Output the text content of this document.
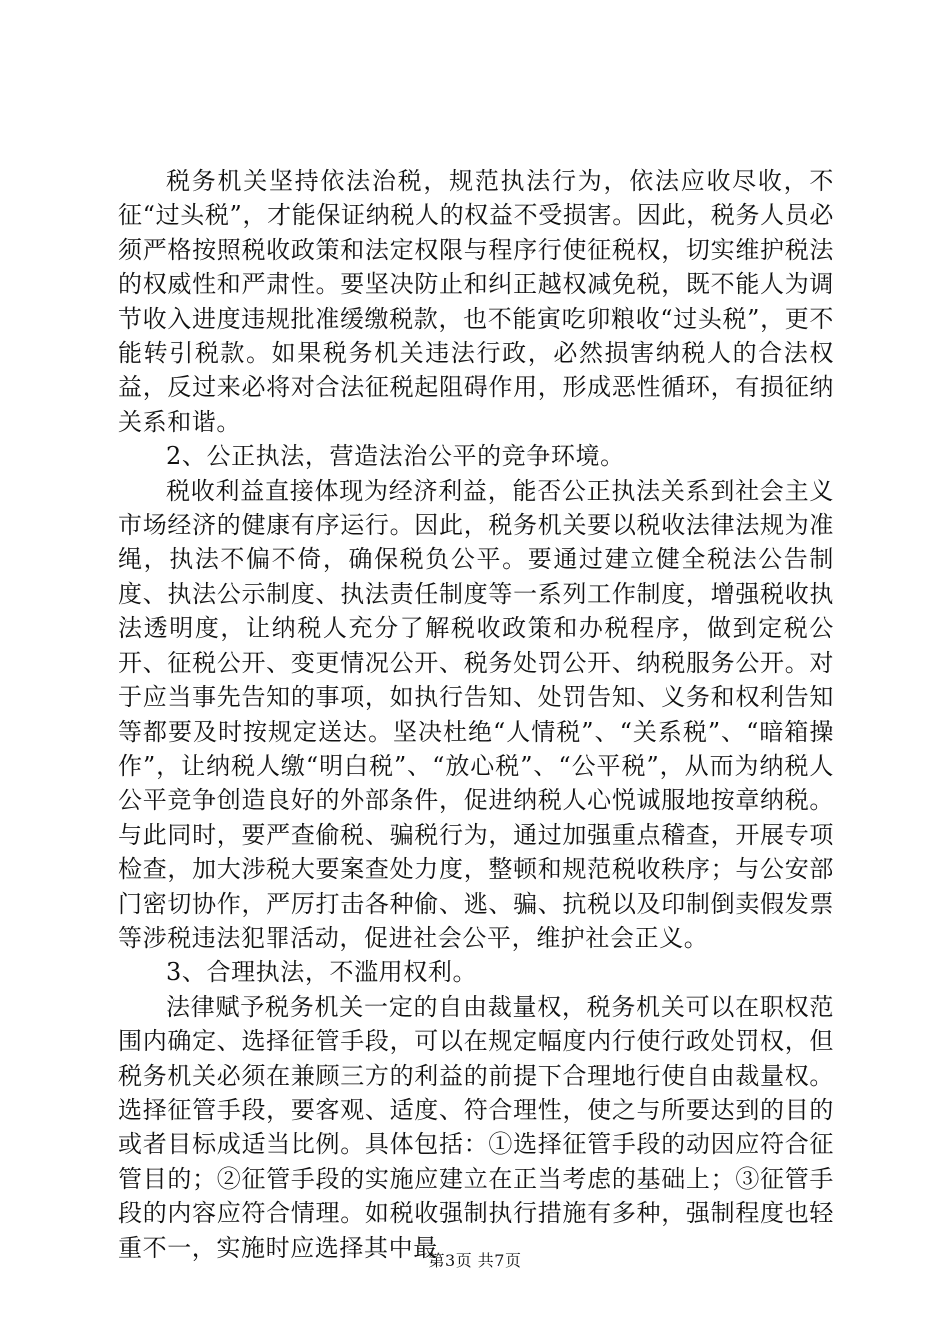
税务机关坚持依法治税，规范执法行为，依法应收尽收，不征“过头税”，才能保证纳税人的权益不受损害。因此，税务人员必须严格按照税收政策和法定权限与程序行使征税权，切实维护税法的权威性和严肃性。要坚决防止和纠正越权减免税，既不能人为调节收入进度违规批准缓缴税款，也不能寅吃卯粮收“过头税”，更不能转引税款。如果税务机关违法行政，必然损害纳税人的合法权益，反过来必将对合法征税起阻碍作用，形成恶性循环，有损征纳关系和谐。

2、公正执法，营造法治公平的竞争环境。

税收利益直接体现为经济利益，能否公正执法关系到社会主义市场经济的健康有序运行。因此，税务机关要以税收法律法规为准绳，执法不偏不倚，确保税负公平。要通过建立健全税法公告制度、执法公示制度、执法责任制度等一系列工作制度，增强税收执法透明度，让纳税人充分了解税收政策和办税程序，做到定税公开、征税公开、变更情况公开、税务处罚公开、纳税服务公开。对于应当事先告知的事项，如执行告知、处罚告知、义务和权利告知等都要及时按规定送达。坚决杜绝“人情税”、“关系税”、“暗箱操作”，让纳税人缴“明白税”、“放心税”、“公平税”，从而为纳税人公平竞争创造良好的外部条件，促进纳税人心悦诚服地按章纳税。与此同时，要严查偷税、骗税行为，通过加强重点稽查，开展专项检查，加大涉税大要案查处力度，整顿和规范税收秩序；与公安部门密切协作，严厉打击各种偷、逃、骗、抗税以及印制倒卖假发票等涉税违法犯罪活动，促进社会公平，维护社会正义。

3、合理执法，不滥用权利。

法律赋予税务机关一定的自由裁量权，税务机关可以在职权范围内确定、选择征管手段，可以在规定幅度内行使行政处罚权，但税务机关必须在兼顾三方的利益的前提下合理地行使自由裁量权。选择征管手段，要客观、适度、符合理性，使之与所要达到的目的或者目标成适当比例。具体包括：①选择征管手段的动因应符合征管目的；②征管手段的实施应建立在正当考虑的基础上；③征管手段的内容应符合情理。如税收强制执行措施有多种，强制程度也轻重不一，实施时应选择其中最

第3页 共7页
